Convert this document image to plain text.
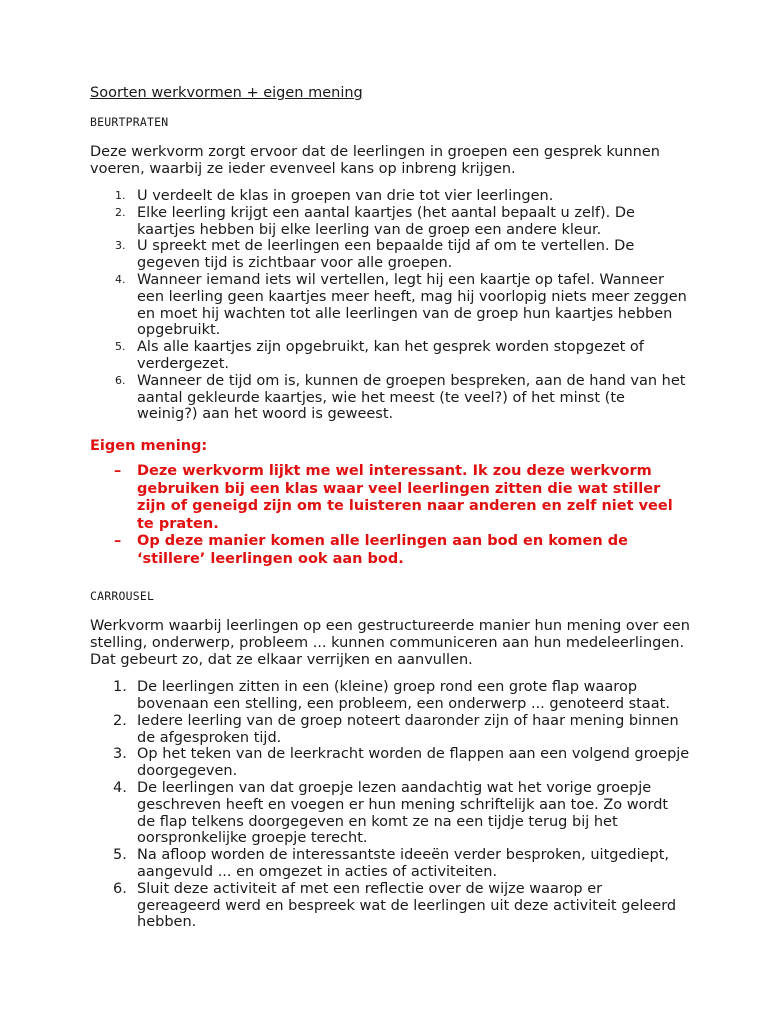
Soorten werkvormen + eigen mening
BEURTPRATEN

Deze werkvorm zorgt ervoor dat de leerlingen in groepen een gesprek kunnen voeren, waarbij ze ieder evenveel kans op inbreng krijgen.

1. U verdeelt de klas in groepen van drie tot vier leerlingen.
2. Elke leerling krijgt een aantal kaartjes (het aantal bepaalt u zelf). De kaartjes hebben bij elke leerling van de groep een andere kleur.
3. U spreekt met de leerlingen een bepaalde tijd af om te vertellen. De gegeven tijd is zichtbaar voor alle groepen.
4. Wanneer iemand iets wil vertellen, legt hij een kaartje op tafel. Wanneer een leerling geen kaartjes meer heeft, mag hij voorlopig niets meer zeggen en moet hij wachten tot alle leerlingen van de groep hun kaartjes hebben opgebruikt.
5. Als alle kaartjes zijn opgebruikt, kan het gesprek worden stopgezet of verdergezet.
6. Wanneer de tijd om is, kunnen de groepen bespreken, aan de hand van het aantal gekleurde kaartjes, wie het meest (te veel?) of het minst (te weinig?) aan het woord is geweest.
Eigen mening:
– Deze werkvorm lijkt me wel interessant. Ik zou deze werkvorm gebruiken bij een klas waar veel leerlingen zitten die wat stiller zijn of geneigd zijn om te luisteren naar anderen en zelf niet veel te praten.
– Op deze manier komen alle leerlingen aan bod en komen de ‘stillere’ leerlingen ook aan bod.
CARROUSEL

Werkvorm waarbij leerlingen op een gestructureerde manier hun mening over een stelling, onderwerp, probleem ... kunnen communiceren aan hun medeleerlingen. Dat gebeurt zo, dat ze elkaar verrijken en aanvullen.

1. De leerlingen zitten in een (kleine) groep rond een grote flap waarop bovenaan een stelling, een probleem, een onderwerp ... genoteerd staat.
2. Iedere leerling van de groep noteert daaronder zijn of haar mening binnen de afgesproken tijd.
3. Op het teken van de leerkracht worden de flappen aan een volgend groepje doorgegeven.
4. De leerlingen van dat groepje lezen aandachtig wat het vorige groepje geschreven heeft en voegen er hun mening schriftelijk aan toe. Zo wordt de flap telkens doorgegeven en komt ze na een tijdje terug bij het oorspronkelijke groepje terecht.
5. Na afloop worden de interessantste ideeën verder besproken, uitgediept, aangevuld ... en omgezet in acties of activiteiten.
6. Sluit deze activiteit af met een reflectie over de wijze waarop er gereageerd werd en bespreek wat de leerlingen uit deze activiteit geleerd hebben.
